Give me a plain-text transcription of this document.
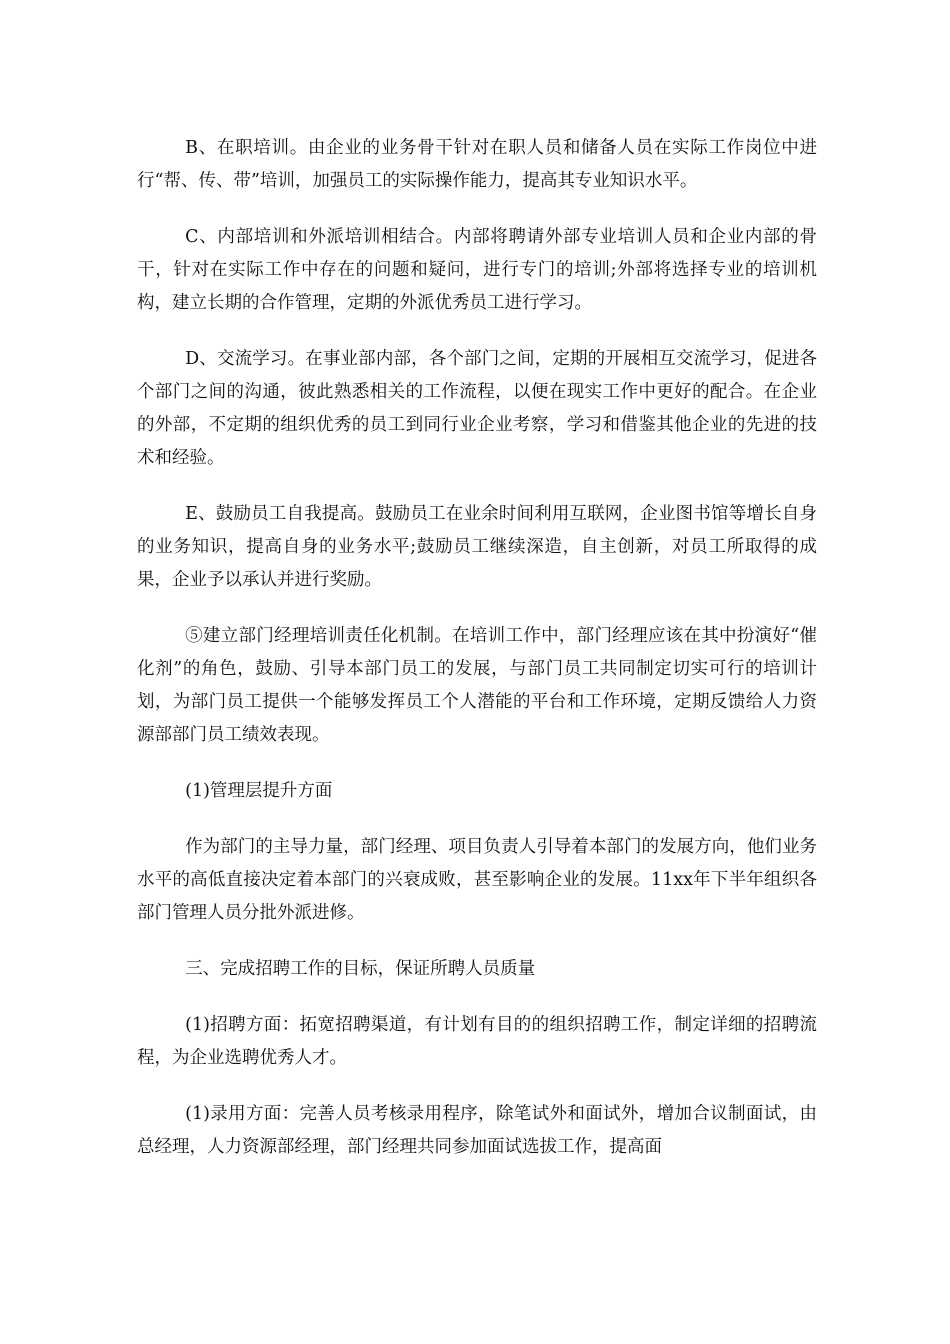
B、在职培训。由企业的业务骨干针对在职人员和储备人员在实际工作岗位中进行“帮、传、带”培训，加强员工的实际操作能力，提高其专业知识水平。

C、内部培训和外派培训相结合。内部将聘请外部专业培训人员和企业内部的骨干，针对在实际工作中存在的问题和疑问，进行专门的培训;外部将选择专业的培训机构，建立长期的合作管理，定期的外派优秀员工进行学习。

D、交流学习。在事业部内部，各个部门之间，定期的开展相互交流学习，促进各个部门之间的沟通，彼此熟悉相关的工作流程，以便在现实工作中更好的配合。在企业的外部，不定期的组织优秀的员工到同行业企业考察，学习和借鉴其他企业的先进的技术和经验。

E、鼓励员工自我提高。鼓励员工在业余时间利用互联网，企业图书馆等增长自身的业务知识，提高自身的业务水平;鼓励员工继续深造，自主创新，对员工所取得的成果，企业予以承认并进行奖励。

⑤建立部门经理培训责任化机制。在培训工作中，部门经理应该在其中扮演好“催化剂”的角色，鼓励、引导本部门员工的发展，与部门员工共同制定切实可行的培训计划，为部门员工提供一个能够发挥员工个人潜能的平台和工作环境，定期反馈给人力资源部部门员工绩效表现。

(1)管理层提升方面

作为部门的主导力量，部门经理、项目负责人引导着本部门的发展方向，他们业务水平的高低直接决定着本部门的兴衰成败，甚至影响企业的发展。11xx年下半年组织各部门管理人员分批外派进修。

三、完成招聘工作的目标，保证所聘人员质量

(1)招聘方面：拓宽招聘渠道，有计划有目的的组织招聘工作，制定详细的招聘流程，为企业选聘优秀人才。

(1)录用方面：完善人员考核录用程序，除笔试外和面试外，增加合议制面试，由总经理，人力资源部经理，部门经理共同参加面试选拔工作，提高面
